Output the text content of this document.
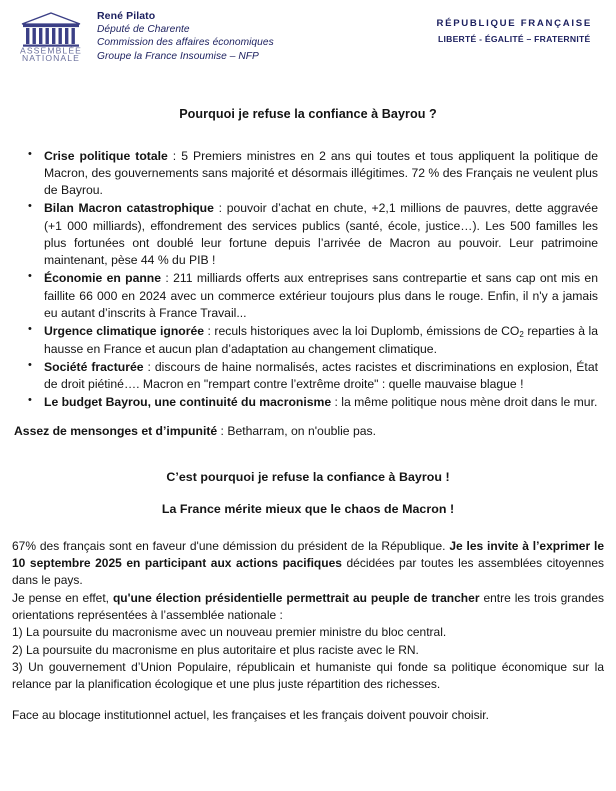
ASSEMBLÉE
NATIONALE
René Pilato
Député de Charente
Commission des affaires économiques
Groupe la France Insoumise – NFP
RÉPUBLIQUE FRANÇAISE
LIBERTÉ - ÉGALITÉ – FRATERNITÉ
Pourquoi je refuse la confiance à Bayrou ?
• Crise politique totale : 5 Premiers ministres en 2 ans qui toutes et tous appliquent la politique de Macron, des gouvernements sans majorité et désormais illégitimes. 72 % des Français ne veulent plus de Bayrou.
• Bilan Macron catastrophique : pouvoir d’achat en chute, +2,1 millions de pauvres, dette aggravée (+1 000 milliards), effondrement des services publics (santé, école, justice…). Les 500 familles les plus fortunées ont doublé leur fortune depuis l’arrivée de Macron au pouvoir. Leur patrimoine maintenant, pèse 44 % du PIB !
• Économie en panne : 211 milliards offerts aux entreprises sans contrepartie et sans cap ont mis en faillite 66 000 en 2024 avec un commerce extérieur toujours plus dans le rouge. Enfin, il n'y a jamais eu autant d’inscrits à France Travail...
• Urgence climatique ignorée : reculs historiques avec la loi Duplomb, émissions de $CO_2$ reparties à la hausse en France et aucun plan d’adaptation au changement climatique.
• Société fracturée : discours de haine normalisés, actes racistes et discriminations en explosion, État de droit piétiné…. Macron en "rempart contre l’extrême droite" : quelle mauvaise blague !
• Le budget Bayrou, une continuité du macronisme : la même politique nous mène droit dans le mur.

Assez de mensonges et d’impunité : Betharram, on n'oublie pas.

C’est pourquoi je refuse la confiance à Bayrou !
La France mérite mieux que le chaos de Macron !

67% des français sont en faveur d'une démission du président de la République. Je les invite à l’exprimer le 10 septembre 2025 en participant aux actions pacifiques décidées par toutes les assemblées citoyennes dans le pays.

Je pense en effet, qu'une élection présidentielle permettrait au peuple de trancher entre les trois grandes orientations représentées à l’assemblée nationale :

1) La poursuite du macronisme avec un nouveau premier ministre du bloc central.

2) La poursuite du macronisme en plus autoritaire et plus raciste avec le RN.

3) Un gouvernement d’Union Populaire, républicain et humaniste qui fonde sa politique économique sur la relance par la planification écologique et une plus juste répartition des richesses.

Face au blocage institutionnel actuel, les françaises et les français doivent pouvoir choisir.
